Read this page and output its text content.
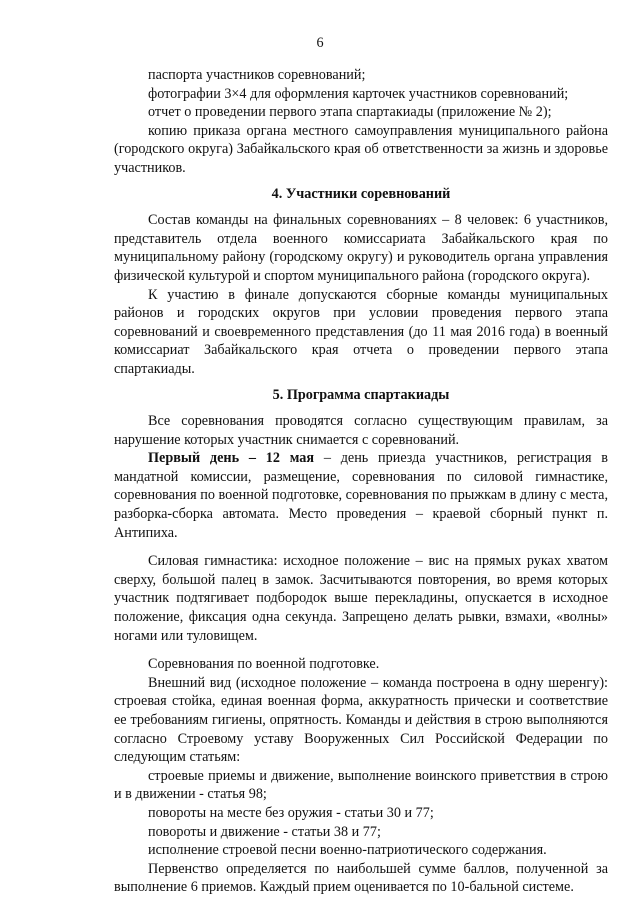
6

паспорта участников соревнований;

фотографии 3×4 для оформления карточек участников соревнований;

отчет о проведении первого этапа спартакиады (приложение № 2);

копию приказа органа местного самоуправления муниципального района (городского округа) Забайкальского края об ответственности за жизнь и здоровье участников.

4. Участники соревнований

Состав команды на финальных соревнованиях – 8 человек: 6 участников, представитель отдела военного комиссариата Забайкальского края по муниципальному району (городскому округу) и руководитель органа управления физической культурой и спортом муниципального района (городского округа).

К участию в финале допускаются сборные команды муниципальных районов и городских округов при условии проведения первого этапа соревнований и своевременного представления (до 11 мая 2016 года) в военный комиссариат Забайкальского края отчета о проведении первого этапа спартакиады.

5. Программа спартакиады

Все соревнования проводятся согласно существующим правилам, за нарушение которых участник снимается с соревнований.

Первый день – 12 мая – день приезда участников, регистрация в мандатной комиссии, размещение, соревнования по силовой гимнастике, соревнования по военной подготовке, соревнования по прыжкам в длину с места, разборка-сборка автомата. Место проведения – краевой сборный пункт п. Антипиха.

Силовая гимнастика: исходное положение – вис на прямых руках хватом сверху, большой палец в замок. Засчитываются повторения, во время которых участник подтягивает подбородок выше перекладины, опускается в исходное положение, фиксация одна секунда. Запрещено делать рывки, взмахи, «волны» ногами или туловищем.

Соревнования по военной подготовке.

Внешний вид (исходное положение – команда построена в одну шеренгу): строевая стойка, единая военная форма, аккуратность прически и соответствие ее требованиям гигиены, опрятность. Команды и действия в строю выполняются согласно Строевому уставу Вооруженных Сил Российской Федерации по следующим статьям:

строевые приемы и движение, выполнение воинского приветствия в строю и в движении - статья 98;

повороты на месте без оружия - статьи 30 и 77;

повороты и движение - статьи 38 и 77;

исполнение строевой песни военно-патриотического содержания.

Первенство определяется по наибольшей сумме баллов, полученной за выполнение 6 приемов. Каждый прием оценивается по 10-бальной системе.
